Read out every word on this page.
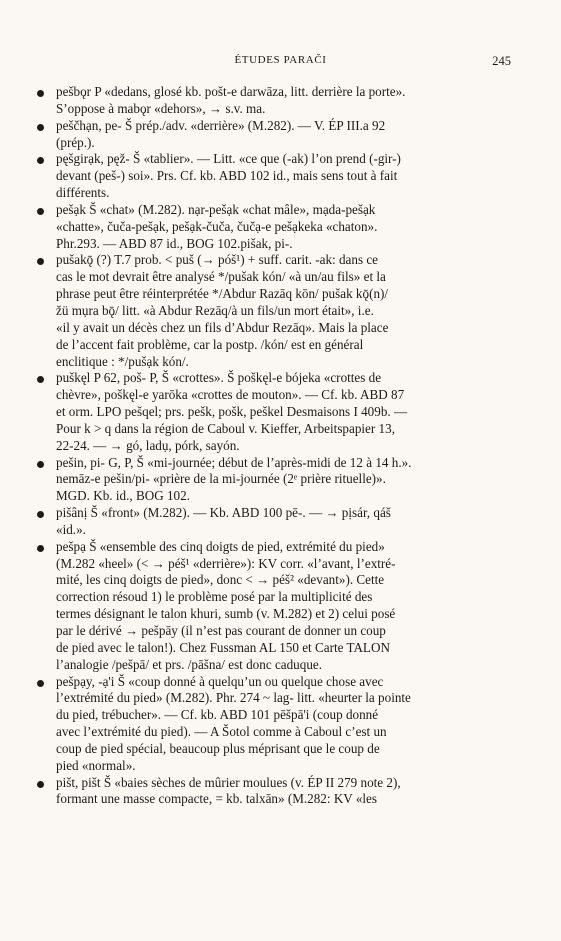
ÉTUDES PARAČI	245
pešbǫr P «dedans, glosé kb. pošt-e darwāza, litt. derrière la porte».
S’oppose à mabǫr «dehors», → s.v. ma.
peščhạn, pe- Š prép./adv. «derrière» (M.282). — V. ÉP III.a 92
(prép.).
pęšgirạk, pęž- Š «tablier». — Litt. «ce que (-ak) l’on prend (-gir-)
devant (peš-) soi». Prs. Cf. kb. ABD 102 id., mais sens tout à fait
différents.
pešạk Š «chat» (M.282). nạr-pešạk «chat mâle», mạda-pešạk
«chatte», čuča-pešạk, pešạk-čuča, čučạ-e pešạkeka «chaton».
Phr.293. — ABD 87 id., BOG 102.pišak, pi-.
pušakǭ (?) T.7 prob. < puš (→ póš¹) + suff. carit. -ak: dans ce
cas le mot devrait être analysé */pušak kón/ «à un/au fils» et la
phrase peut être réinterprétée */Abdur Razāq kōn/ pušak kǭ(n)/
žü mụra bǭ/ litt. «à Abdur Rezāq/à un fils/un mort était», i.e.
«il y avait un décès chez un fils d’Abdur Rezāq». Mais la place
de l’accent fait problème, car la postp. /kón/ est en général
enclitique : */pušạk kón/.
puškęl P 62, poš- P, Š «crottes». Š poškęl-e bójeka «crottes de
chèvre», poškęl-e yarōka «crottes de mouton». — Cf. kb. ABD 87
et orm. LPO pešqel; prs. pešk, pošk, peškel Desmaisons I 409b. —
Pour k > q dans la région de Caboul v. Kieffer, Arbeitspapier 13,
22-24. — → gó, ladụ, pórk, sayón.
pešin, pi- G, P, Š «mi-journée; début de l’après-midi de 12 à 14 h.».
nemāz-e pešin/pi- «prière de la mi-journée (2ᵉ prière rituelle)».
MGD. Kb. id., BOG 102.
pišânị Š «front» (M.282). — Kb. ABD 100 pē-. — → pịsár, qáš
«id.».
pešpạ Š «ensemble des cinq doigts de pied, extrémité du pied»
(M.282 «heel» (< → péš¹ «derrière»): KV corr. «l’avant, l’extré-
mité, les cinq doigts de pied», donc < → péš² «devant»). Cette
correction résoud 1) le problème posé par la multiplicité des
termes désignant le talon khuri, sumb (v. M.282) et 2) celui posé
par le dérivé → pešpāy (il n’est pas courant de donner un coup
de pied avec le talon!). Chez Fussman AL 150 et Carte TALON
l’analogie /pešpā/ et prs. /pāšna/ est donc caduque.
pešpạy, -ạ'i Š «coup donné à quelqu’un ou quelque chose avec
l’extrémité du pied» (M.282). Phr. 274 ~ lag- litt. «heurter la pointe
du pied, trébucher». — Cf. kb. ABD 101 pēšpā'i (coup donné
avec l’extrémité du pied). — A Šotol comme à Caboul c’est un
coup de pied spécial, beaucoup plus méprisant que le coup de
pied «normal».
pišt, pišt Š «baies sèches de mûrier moulues (v. ÉP II 279 note 2),
formant une masse compacte, = kb. talxān» (M.282: KV «les
